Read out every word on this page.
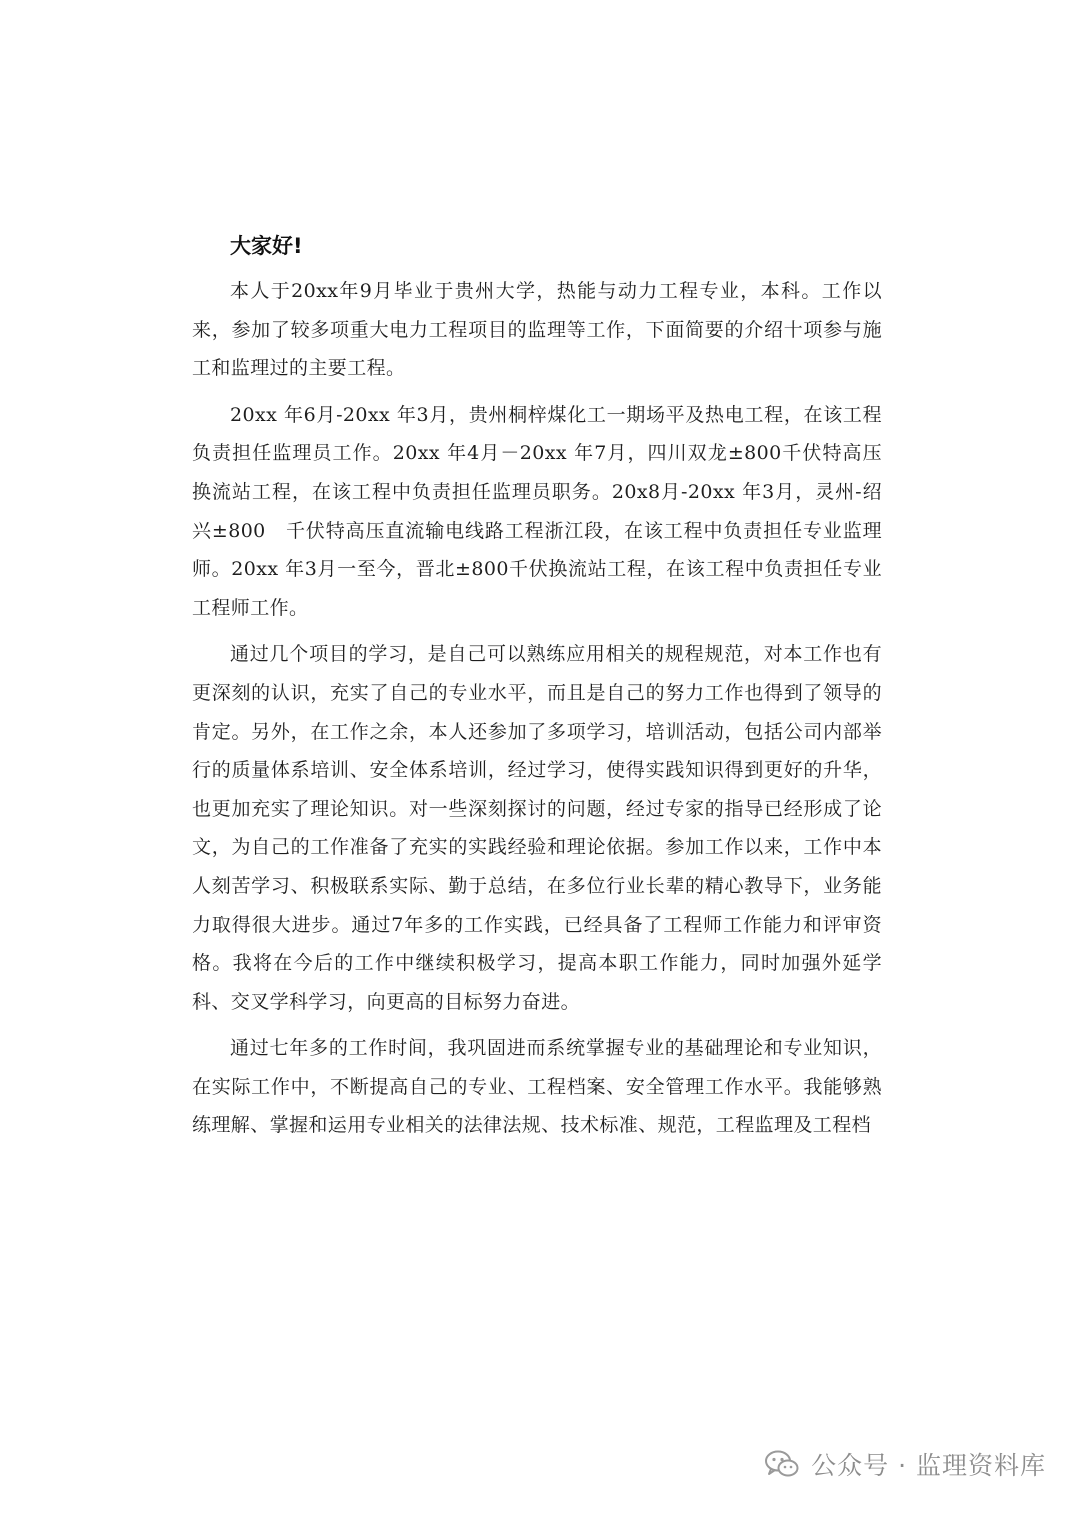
大家好!

本人于20xx年9月毕业于贵州大学，热能与动力工程专业，本科。工作以来，参加了较多项重大电力工程项目的监理等工作，下面简要的介绍十项参与施工和监理过的主要工程。

20xx 年6月-20xx 年3月，贵州桐梓煤化工一期场平及热电工程，在该工程负责担任监理员工作。20xx 年4月－20xx 年7月，四川双龙±800千伏特高压换流站工程，在该工程中负责担任监理员职务。20x8月-20xx 年3月，灵州-绍兴±800　千伏特高压直流输电线路工程浙江段，在该工程中负责担任专业监理师。20xx 年3月一至今，晋北±800千伏换流站工程，在该工程中负责担任专业工程师工作。

通过几个项目的学习，是自己可以熟练应用相关的规程规范，对本工作也有更深刻的认识，充实了自己的专业水平，而且是自己的努力工作也得到了领导的肯定。另外，在工作之余，本人还参加了多项学习，培训活动，包括公司内部举行的质量体系培训、安全体系培训，经过学习，使得实践知识得到更好的升华，也更加充实了理论知识。对一些深刻探讨的问题，经过专家的指导已经形成了论文，为自己的工作准备了充实的实践经验和理论依据。参加工作以来，工作中本人刻苦学习、积极联系实际、勤于总结，在多位行业长辈的精心教导下，业务能力取得很大进步。通过7年多的工作实践，已经具备了工程师工作能力和评审资格。我将在今后的工作中继续积极学习，提高本职工作能力，同时加强外延学科、交叉学科学习，向更高的目标努力奋进。

通过七年多的工作时间，我巩固进而系统掌握专业的基础理论和专业知识，在实际工作中，不断提高自己的专业、工程档案、安全管理工作水平。我能够熟练理解、掌握和运用专业相关的法律法规、技术标准、规范，工程监理及工程档

公众号 · 监理资料库
